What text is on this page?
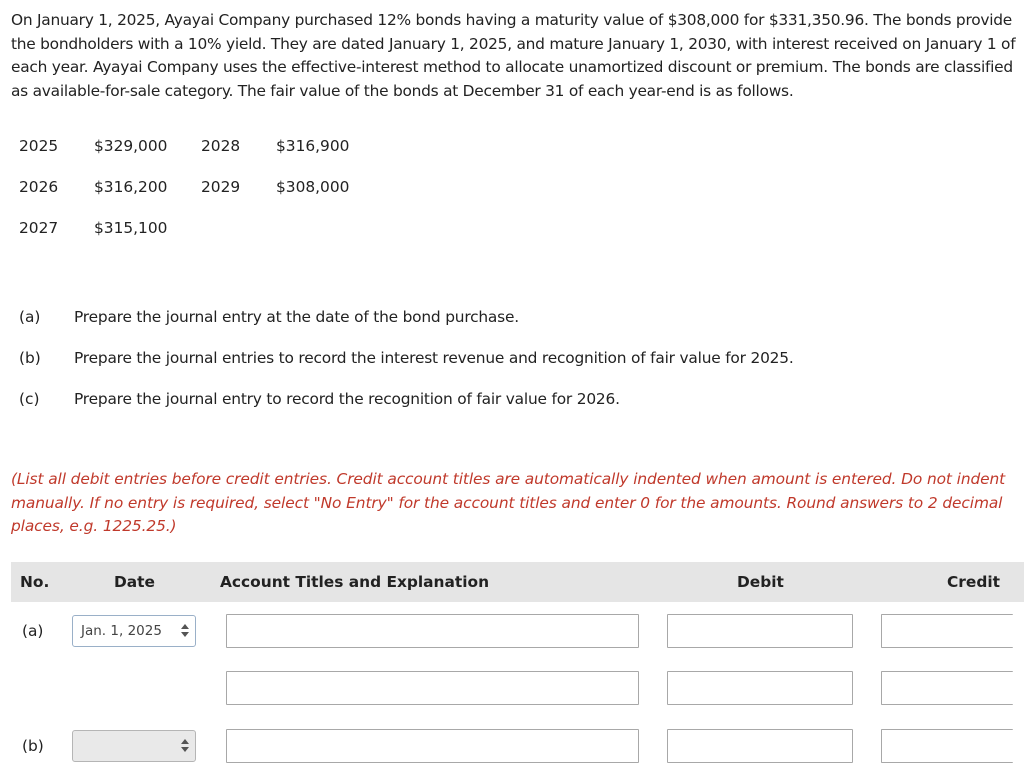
On January 1, 2025, Ayayai Company purchased 12% bonds having a maturity value of $308,000 for $331,350.96. The bonds provide the bondholders with a 10% yield. They are dated January 1, 2025, and mature January 1, 2030, with interest received on January 1 of each year. Ayayai Company uses the effective-interest method to allocate unamortized discount or premium. The bonds are classified as available-for-sale category. The fair value of the bonds at December 31 of each year-end is as follows.

2025 $329,000 2028 $316,900
2026 $316,200 2029 $308,000
2027 $315,100
(a) Prepare the journal entry at the date of the bond purchase.
(b) Prepare the journal entries to record the interest revenue and recognition of fair value for 2025.
(c) Prepare the journal entry to record the recognition of fair value for 2026.

(List all debit entries before credit entries. Credit account titles are automatically indented when amount is entered. Do not indent manually. If no entry is required, select "No Entry" for the account titles and enter 0 for the amounts. Round answers to 2 decimal places, e.g. 1225.25.)

No.	Date	Account Titles and Explanation	Debit	Credit
(a)	Jan. 1, 2025
(b)
